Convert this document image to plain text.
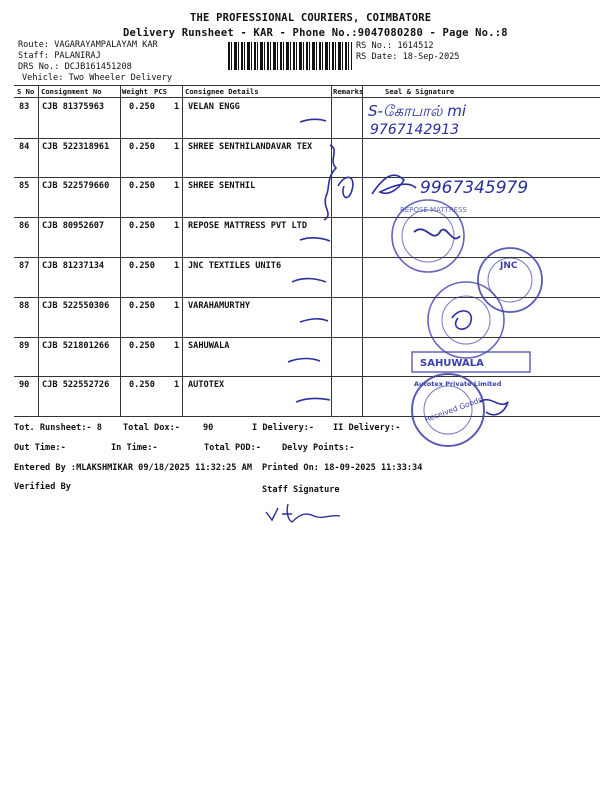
THE PROFESSIONAL COURIERS, COIMBATORE
Delivery Runsheet - KAR - Phone No.:9047080280 - Page No.:8
Route: VAGARAYAMPALAYAM KAR
Staff: PALANIRAJ
DRS No.: DCJB161451208
Vehicle: Two Wheeler Delivery
RS No.: 1614512
RS Date: 18-Sep-2025
S No Consignment No	Weight PCS	Consignee Details	Remarks	Seal & Signature
83 CJB 81375963	0.250 1 VELAN ENGG
84 CJB 522318961 0.250 1 SHREE SENTHILANDAVAR TEX
85 CJB 522579660 0.250 1 SHREE SENTHIL
86 CJB 80952607	0.250 1 REPOSE MATTRESS PVT LTD
87 CJB 81237134	0.250 1 JNC TEXTILES UNIT6
88 CJB 522550306 0.250 1 VARAHAMURTHY
89 CJB 521801266 0.250 1 SAHUWALA
90 CJB 522552726 0.250 1 AUTOTEX
S-கோபால் mi
9767142913
9967345979
REPOSE MATTRESS
JNC
SAHUWALA
Autotex Private Limited
Received Goods
Tot. Runsheet:- 8 Total Dox:-	90	I Delivery:- II Delivery:-
Out Time:-	In Time:-	Total POD:- Delvy Points:-
Entered By :MLAKSHMIKAR 09/18/2025 11:32:25 AM Printed On: 18-09-2025 11:33:34
Verified By	Staff Signature
